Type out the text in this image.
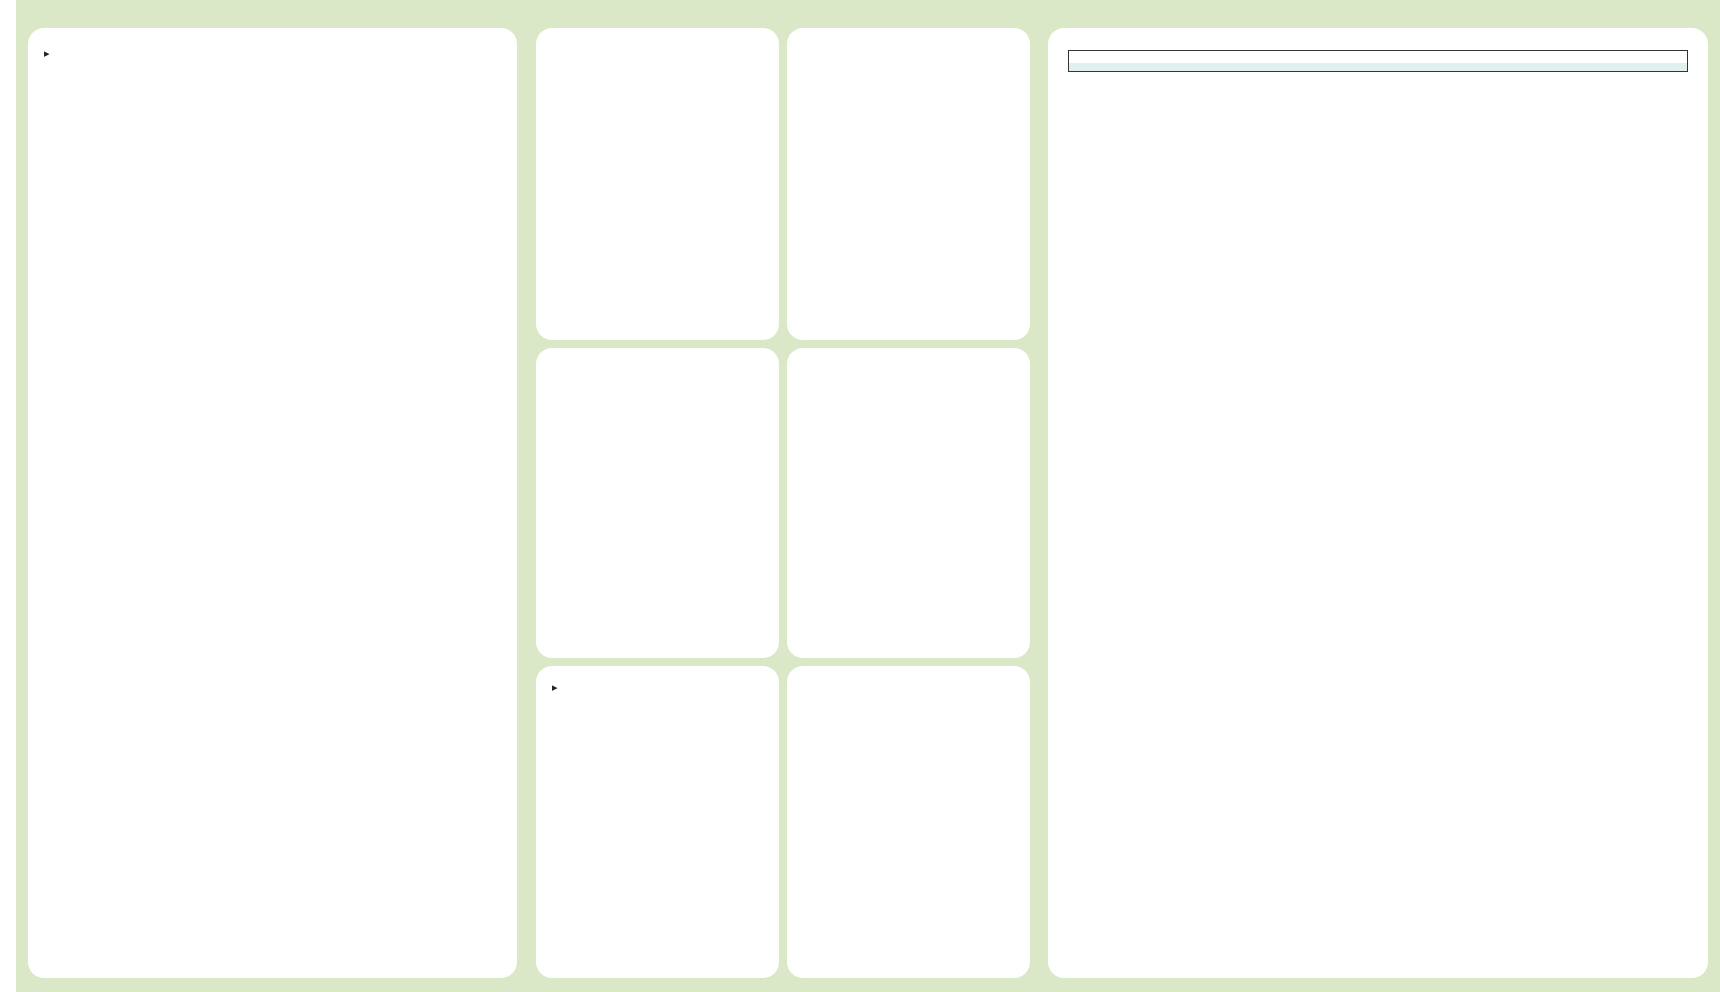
▸
▸
